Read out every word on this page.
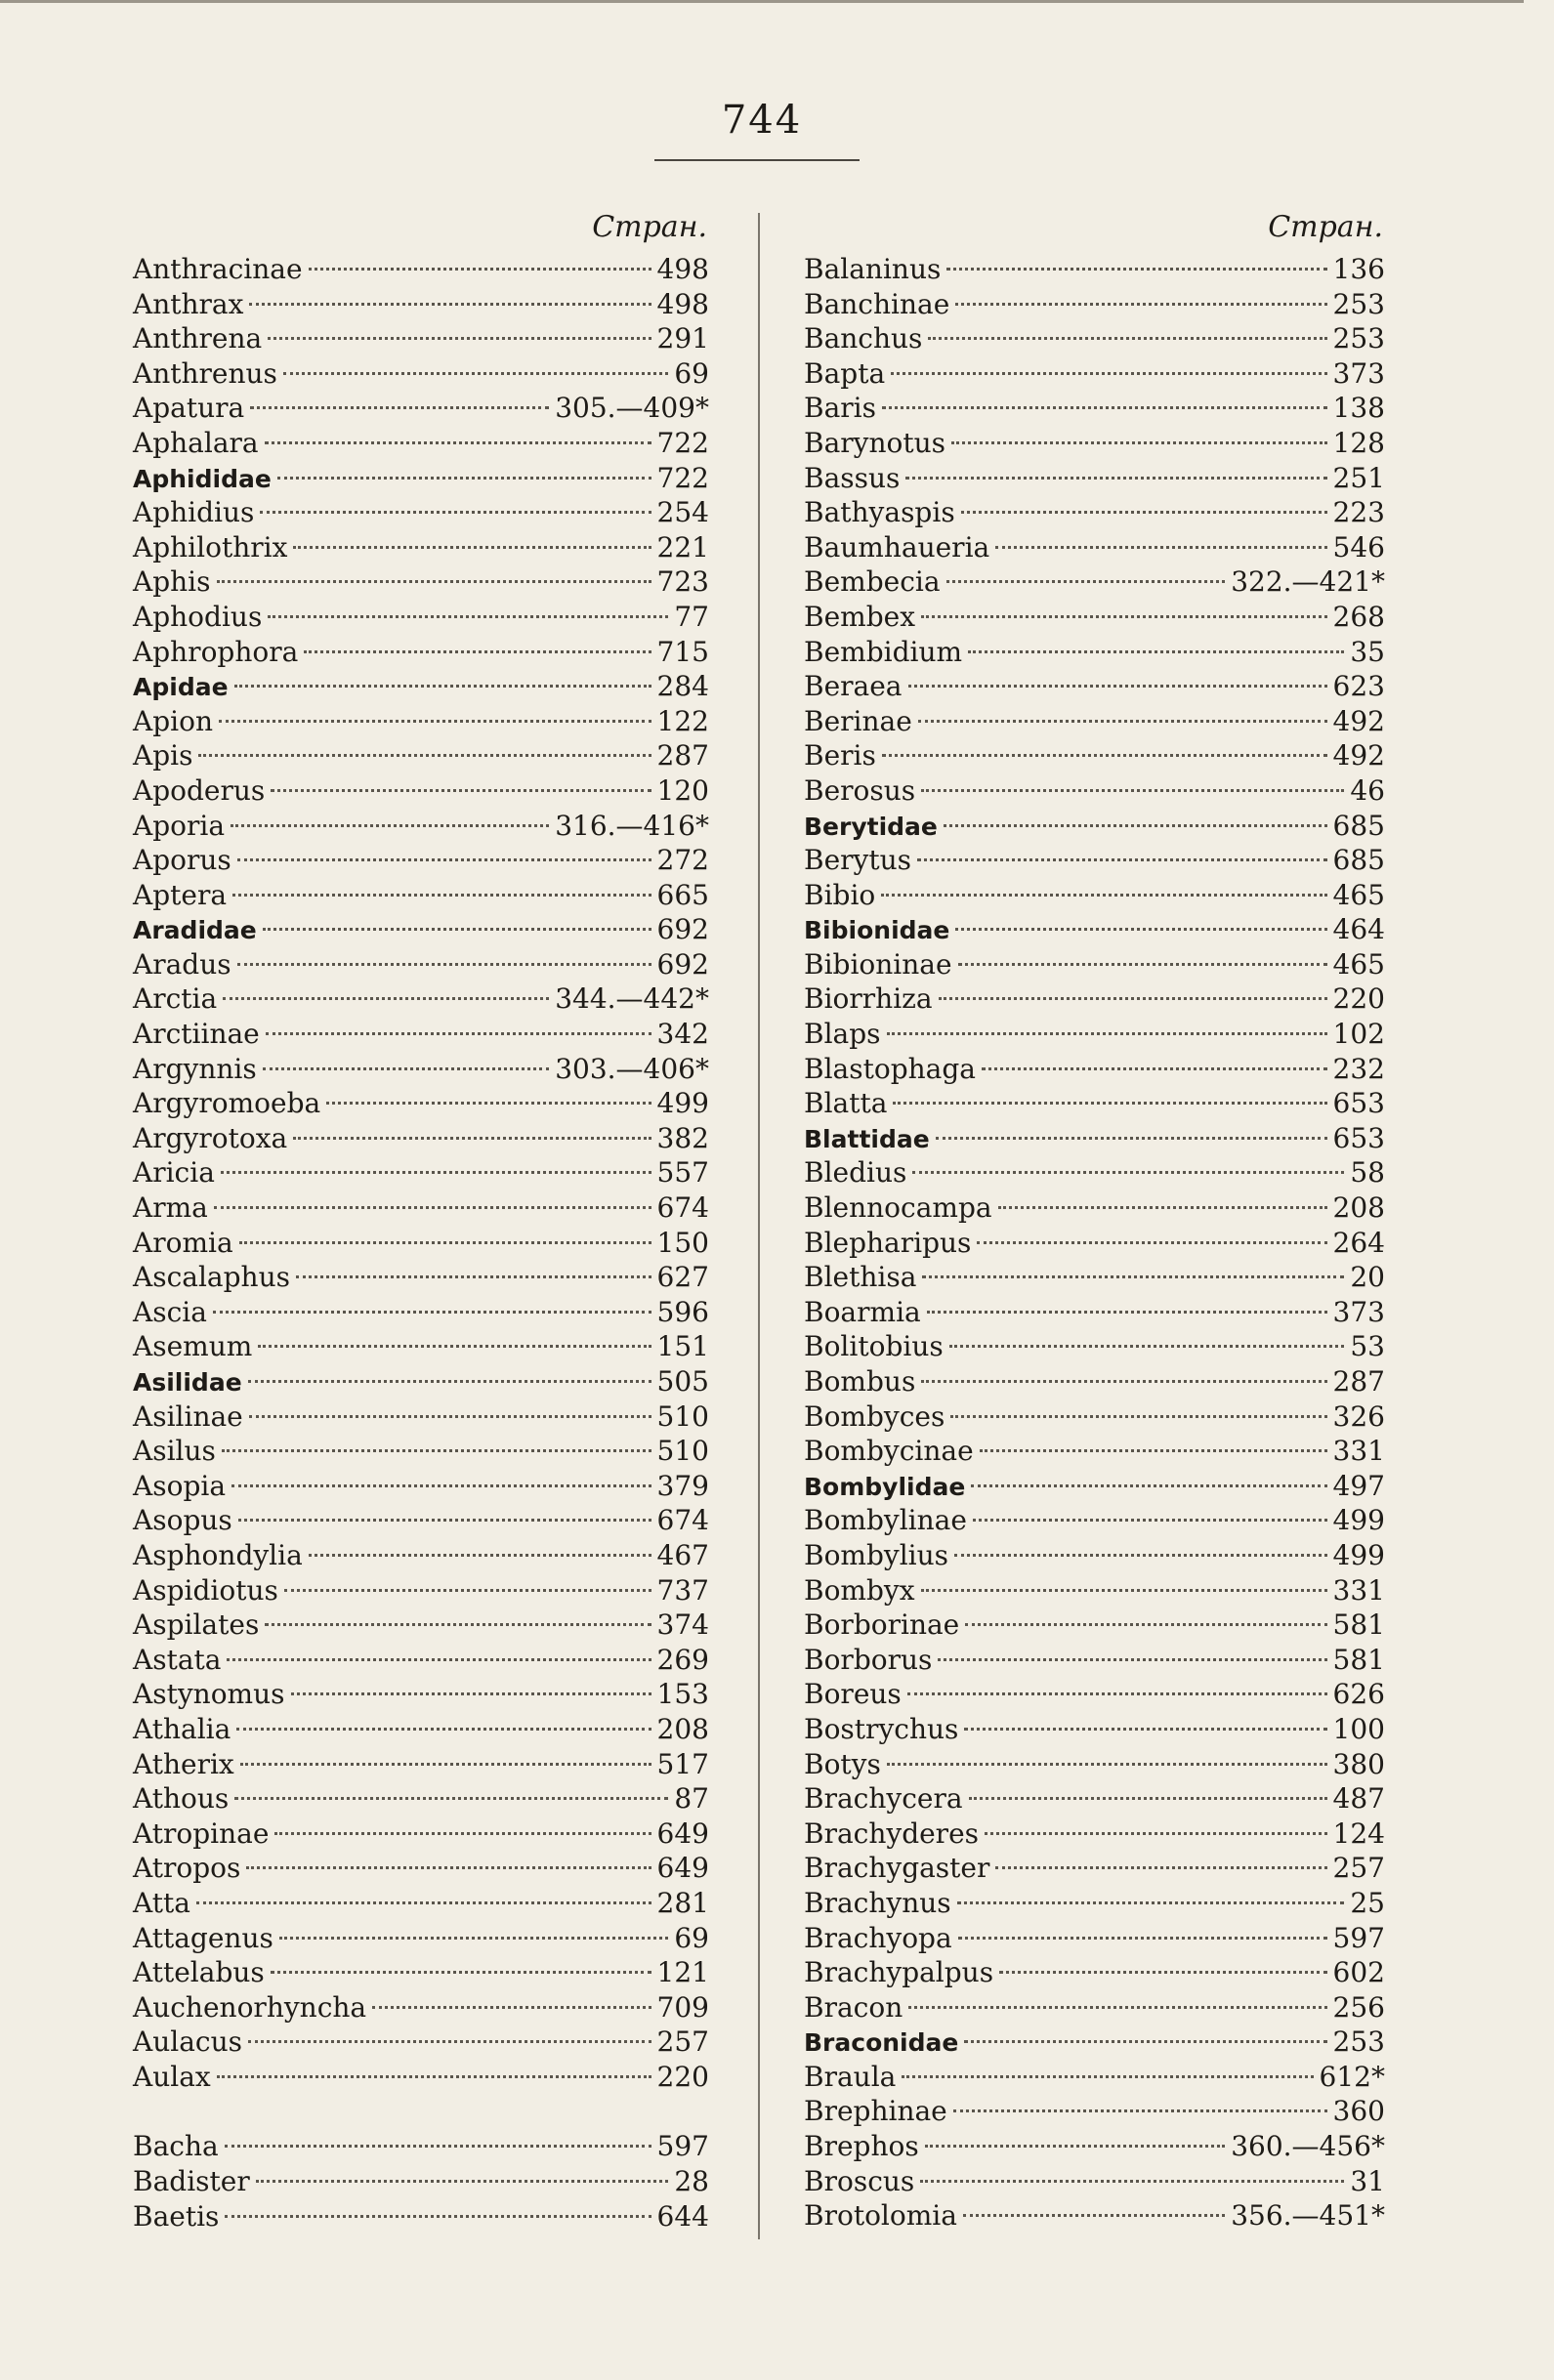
744
Стран.
Anthracinae	498
Anthrax	498
Anthrena	291
Anthrenus	69
Apatura	305.—409*
Aphalara	722
Aphididae	722
Aphidius	254
Aphilothrix	221
Aphis	723
Aphodius	77
Aphrophora	715
Apidae	284
Apion	122
Apis	287
Apoderus	120
Aporia	316.—416*
Aporus	272
Aptera	665
Aradidae	692
Aradus	692
Arctia	344.—442*
Arctiinae	342
Argynnis	303.—406*
Argyromoeba	499
Argyrotoxa	382
Aricia	557
Arma	674
Aromia	150
Ascalaphus	627
Ascia	596
Asemum	151
Asilidae	505
Asilinae	510
Asilus	510
Asopia	379
Asopus	674
Asphondylia	467
Aspidiotus	737
Aspilates	374
Astata	269
Astynomus	153
Athalia	208
Atherix	517
Athous	87
Atropinae	649
Atropos	649
Atta	281
Attagenus	69
Attelabus	121
Auchenorhyncha	709
Aulacus	257
Aulax	220
Bacha	597
Badister	28
Baetis	644
Стран.
Balaninus	136
Banchinae	253
Banchus	253
Bapta	373
Baris	138
Barynotus	128
Bassus	251
Bathyaspis	223
Baumhaueria	546
Bembecia	322.—421*
Bembex	268
Bembidium	35
Beraea	623
Berinae	492
Beris	492
Berosus	46
Berytidae	685
Berytus	685
Bibio	465
Bibionidae	464
Bibioninae	465
Biorrhiza	220
Blaps	102
Blastophaga	232
Blatta	653
Blattidae	653
Bledius	58
Blennocampa	208
Blepharipus	264
Blethisa	20
Boarmia	373
Bolitobius	53
Bombus	287
Bombyces	326
Bombycinae	331
Bombylidae	497
Bombylinae	499
Bombylius	499
Bombyx	331
Borborinae	581
Borborus	581
Boreus	626
Bostrychus	100
Botys	380
Brachycera	487
Brachyderes	124
Brachygaster	257
Brachynus	25
Brachyopa	597
Brachypalpus	602
Bracon	256
Braconidae	253
Braula	612*
Brephinae	360
Brephos	360.—456*
Broscus	31
Brotolomia	356.—451*
